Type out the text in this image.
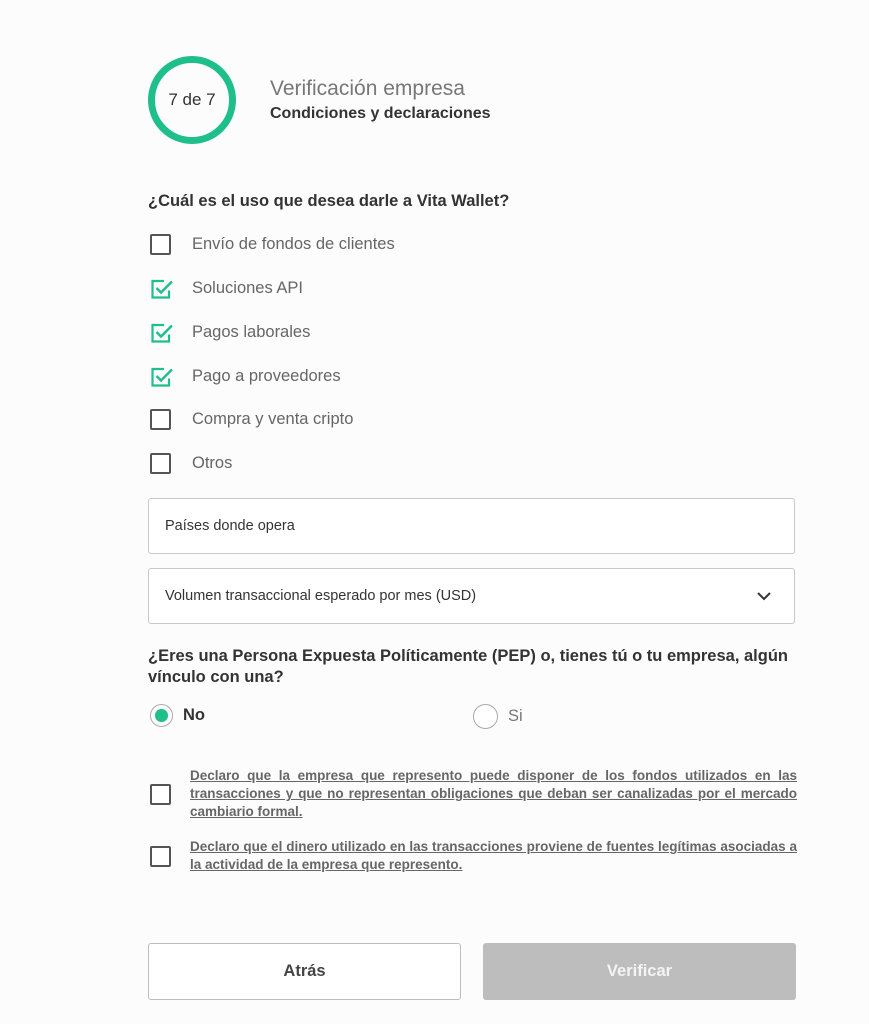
7 de 7	Verificación empresa
Condiciones y declaraciones
¿Cuál es el uso que desea darle a Vita Wallet?
Envío de fondos de clientes
Soluciones API
Pagos laborales
Pago a proveedores
Compra y venta cripto
Otros
Países donde opera
Volumen transaccional esperado por mes (USD)
¿Eres una Persona Expuesta Políticamente (PEP) o, tienes tú o tu empresa, algún vínculo con una?
No	Si
Declaro que la empresa que represento puede disponer de los fondos utilizados en las transacciones y que no representan obligaciones que deban ser canalizadas por el mercado cambiario formal.
Declaro que el dinero utilizado en las transacciones proviene de fuentes legítimas asociadas a la actividad de la empresa que represento.
Atrás	Verificar
